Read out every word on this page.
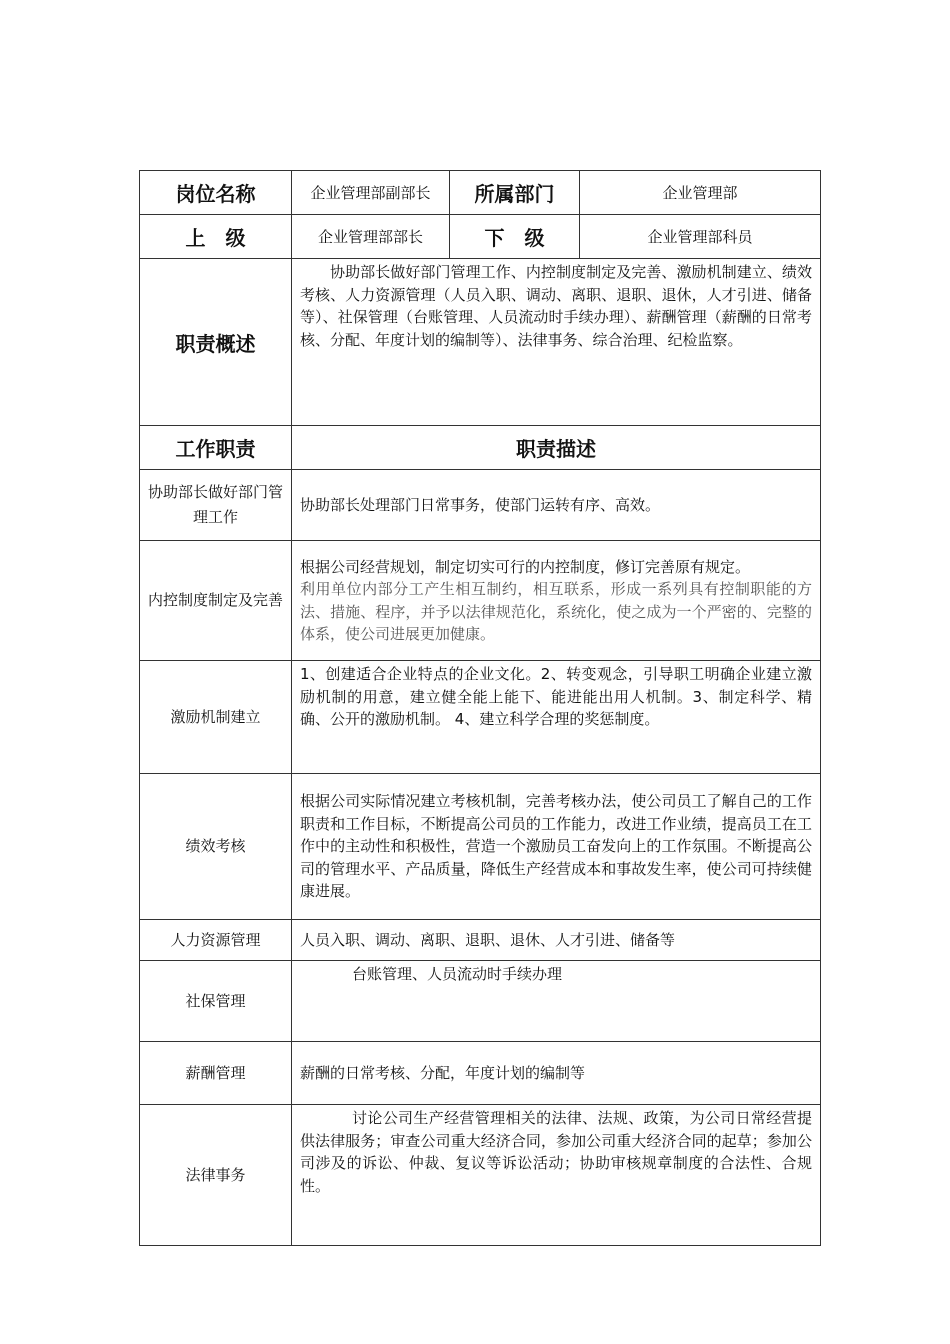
岗位名称	企业管理部副部长	所属部门	企业管理部
上　级	企业管理部部长	下　级	企业管理部科员
职责概述	协助部长做好部门管理工作、内控制度制定及完善、激励机制建立、绩效考核、人力资源管理（人员入职、调动、离职、退职、退休，人才引进、储备等）、社保管理（台账管理、人员流动时手续办理）、薪酬管理（薪酬的日常考核、分配、年度计划的编制等）、法律事务、综合治理、纪检监察。		
工作职责	职责描述		
协助部长做好部门管理工作	协助部长处理部门日常事务，使部门运转有序、高效。		
内控制度制定及完善	根据公司经营规划，制定切实可行的内控制度，修订完善原有规定。
利用单位内部分工产生相互制约，相互联系，形成一系列具有控制职能的方法、措施、程序，并予以法律规范化，系统化，使之成为一个严密的、完整的体系，使公司进展更加健康。		

激励机制建立	1、创建适合企业特点的企业文化。2、转变观念，引导职工明确企业建立激励机制的用意，建立健全能上能下、能进能出用人机制。3、制定科学、精确、公开的激励机制。 4、建立科学合理的奖惩制度。		
绩效考核	根据公司实际情况建立考核机制，完善考核办法，使公司员工了解自己的工作职责和工作目标，不断提高公司员的工作能力，改进工作业绩，提高员工在工作中的主动性和积极性，营造一个激励员工奋发向上的工作氛围。不断提高公司的管理水平、产品质量，降低生产经营成本和事故发生率，使公司可持续健康进展。		
人力资源管理	人员入职、调动、离职、退职、退休、人才引进、储备等		
社保管理	台账管理、人员流动时手续办理		
薪酬管理	薪酬的日常考核、分配，年度计划的编制等		
法律事务	讨论公司生产经营管理相关的法律、法规、政策，为公司日常经营提供法律服务；审查公司重大经济合同，参加公司重大经济合同的起草；参加公司涉及的诉讼、仲裁、复议等诉讼活动；协助审核规章制度的合法性、合规性。		
